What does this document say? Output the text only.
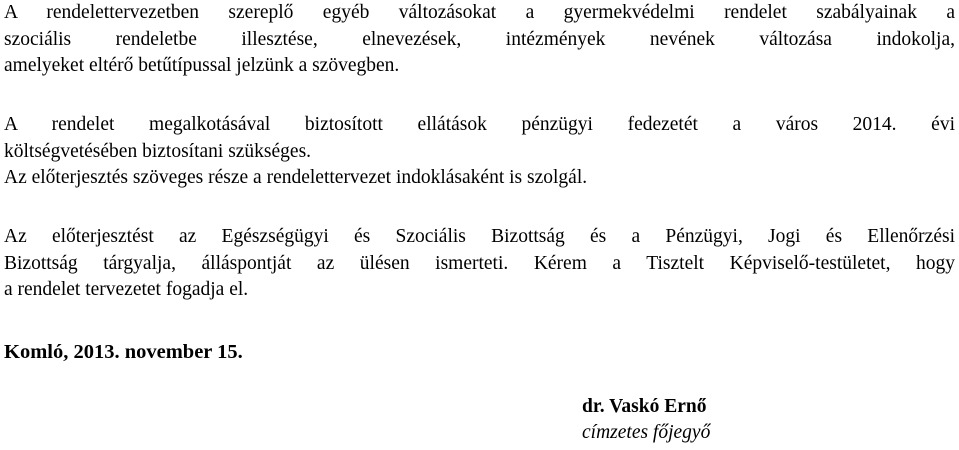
A rendelettervezetben szereplő egyéb változásokat a gyermekvédelmi rendelet szabályainak a

szociális rendeletbe illesztése, elnevezések, intézmények nevének változása indokolja,

amelyeket eltérő betűtípussal jelzünk a szövegben.

A rendelet megalkotásával biztosított ellátások pénzügyi fedezetét a város 2014. évi

költségvetésében biztosítani szükséges.

Az előterjesztés szöveges része a rendelettervezet indoklásaként is szolgál.

Az előterjesztést az Egészségügyi és Szociális Bizottság és a Pénzügyi, Jogi és Ellenőrzési

Bizottság tárgyalja, álláspontját az ülésen ismerteti. Kérem a Tisztelt Képviselő-testületet, hogy

a rendelet tervezetet fogadja el.

Komló, 2013. november 15.
dr. Vaskó Ernő
címzetes főjegyő
